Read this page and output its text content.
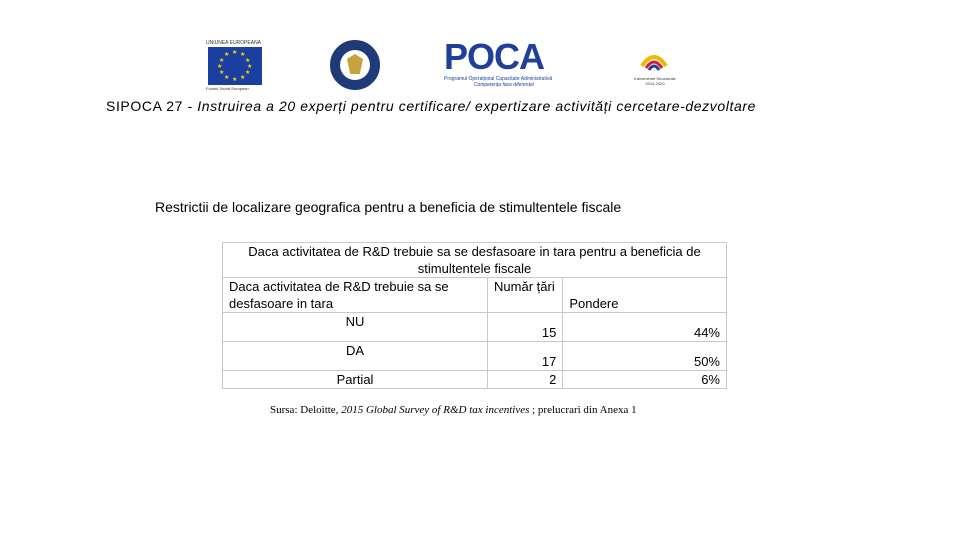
UNIUNEA EUROPEANĂ
★ ★
★
★
★
★
★
★
★
★
★
★
Fondul Social European
POCA
Programul Operațional Capacitate Administrativă
Competența face diferența!
Instrumente Structurale
2014-2020
SIPOCA 27 - Instruirea a 20 experți pentru certificare/ expertizare activități cercetare-dezvoltare
Restrictii de localizare geografica pentru a beneficia de stimultentele fiscale
Daca activitatea de R&D trebuie sa se desfasoare in tara pentru a beneficia de stimultentele fiscale		
Daca activitatea de R&D trebuie sa se desfasoare in tara	Număr țări	Pondere
NU	15	44%
DA	17	50%
Partial	2	6%
Sursa: Deloitte, 2015 Global Survey of R&D tax incentives ; prelucrari din Anexa 1
